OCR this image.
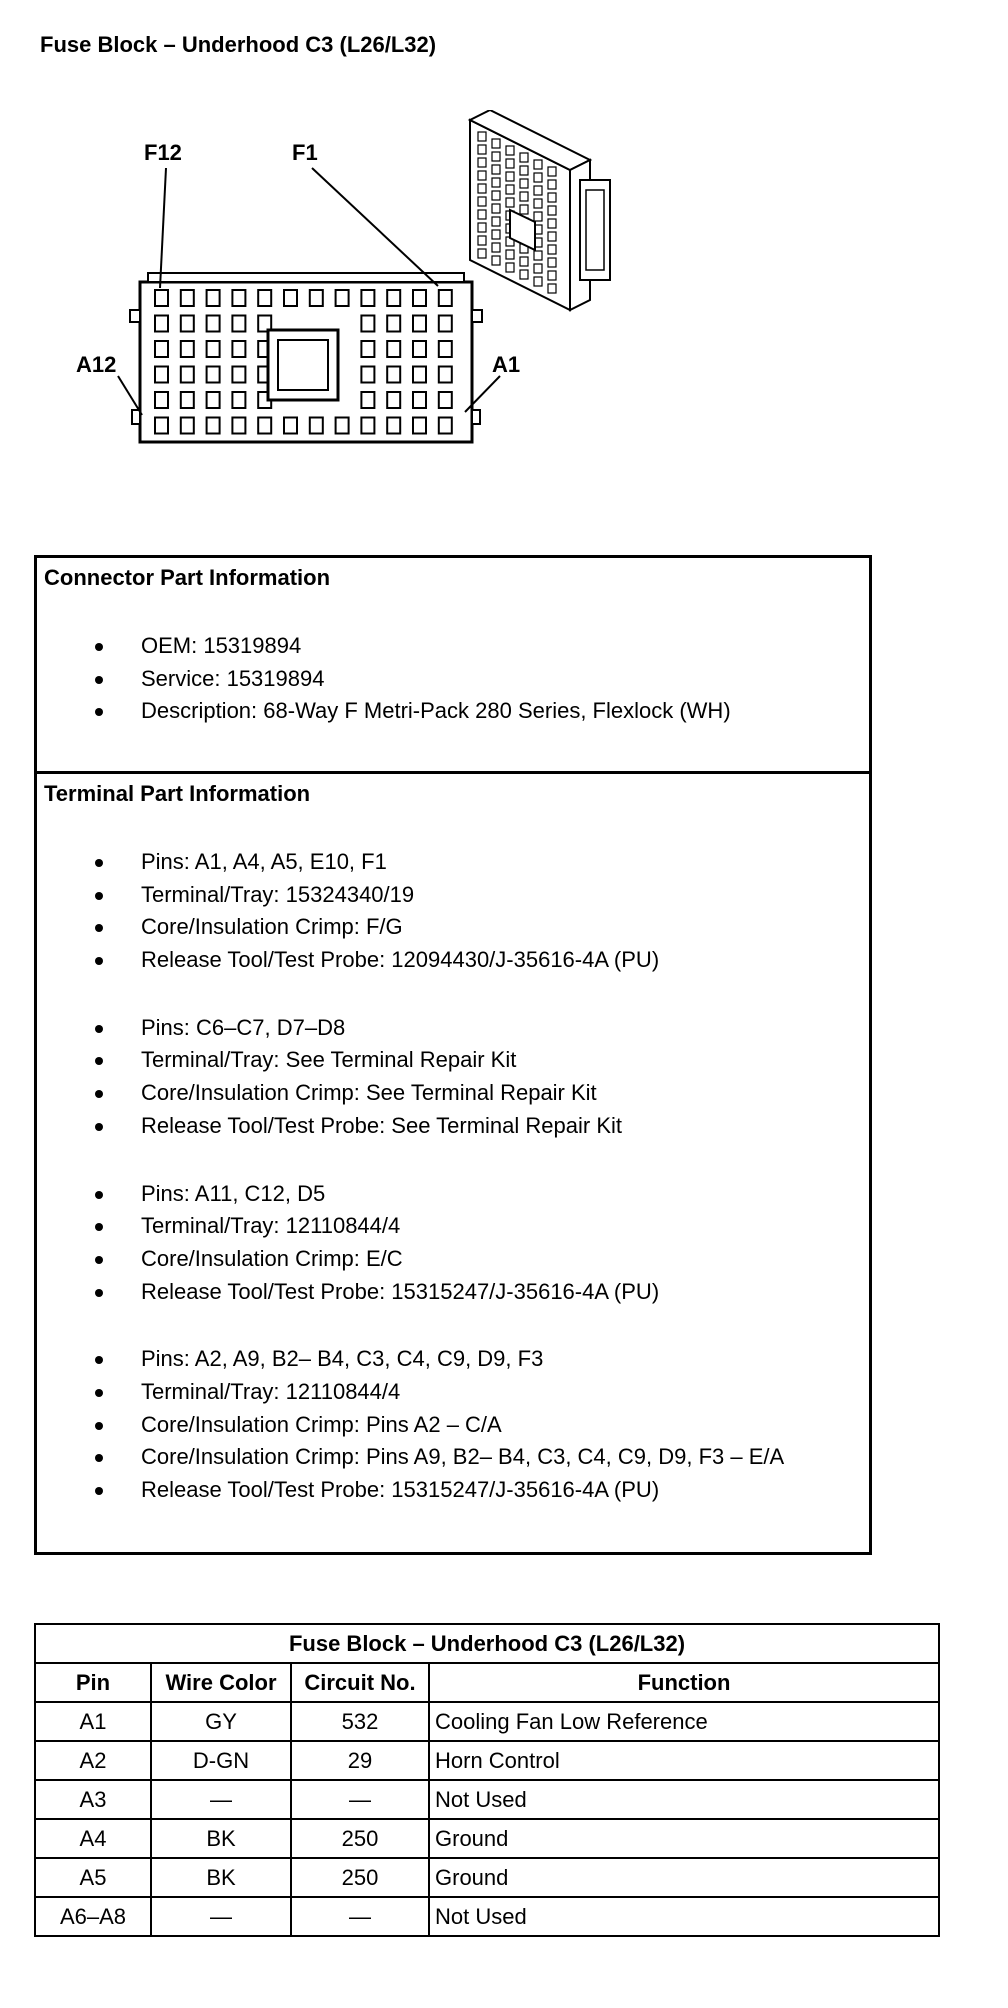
Fuse Block – Underhood C3 (L26/L32)
F12	F1
A12	A1
Connector Part Information
OEM: 15319894
Service: 15319894
Description: 68-Way F Metri-Pack 280 Series, Flexlock (WH)
Terminal Part Information
Pins: A1, A4, A5, E10, F1
Terminal/Tray: 15324340/19
Core/Insulation Crimp: F/G
Release Tool/Test Probe: 12094430/J-35616-4A (PU)
Pins: C6–C7, D7–D8
Terminal/Tray: See Terminal Repair Kit
Core/Insulation Crimp: See Terminal Repair Kit
Release Tool/Test Probe: See Terminal Repair Kit
Pins: A11, C12, D5
Terminal/Tray: 12110844/4
Core/Insulation Crimp: E/C
Release Tool/Test Probe: 15315247/J-35616-4A (PU)
Pins: A2, A9, B2– B4, C3, C4, C9, D9, F3
Terminal/Tray: 12110844/4
Core/Insulation Crimp: Pins A2 – C/A
Core/Insulation Crimp: Pins A9, B2– B4, C3, C4, C9, D9, F3 – E/A
Release Tool/Test Probe: 15315247/J-35616-4A (PU)
Fuse Block – Underhood C3 (L26/L32)			
Pin	Wire Color	Circuit No.	Function
A1	GY	532	Cooling Fan Low Reference
A2	D-GN	29	Horn Control
A3	—	—	Not Used
A4	BK	250	Ground
A5	BK	250	Ground
A6–A8	—	—	Not Used
